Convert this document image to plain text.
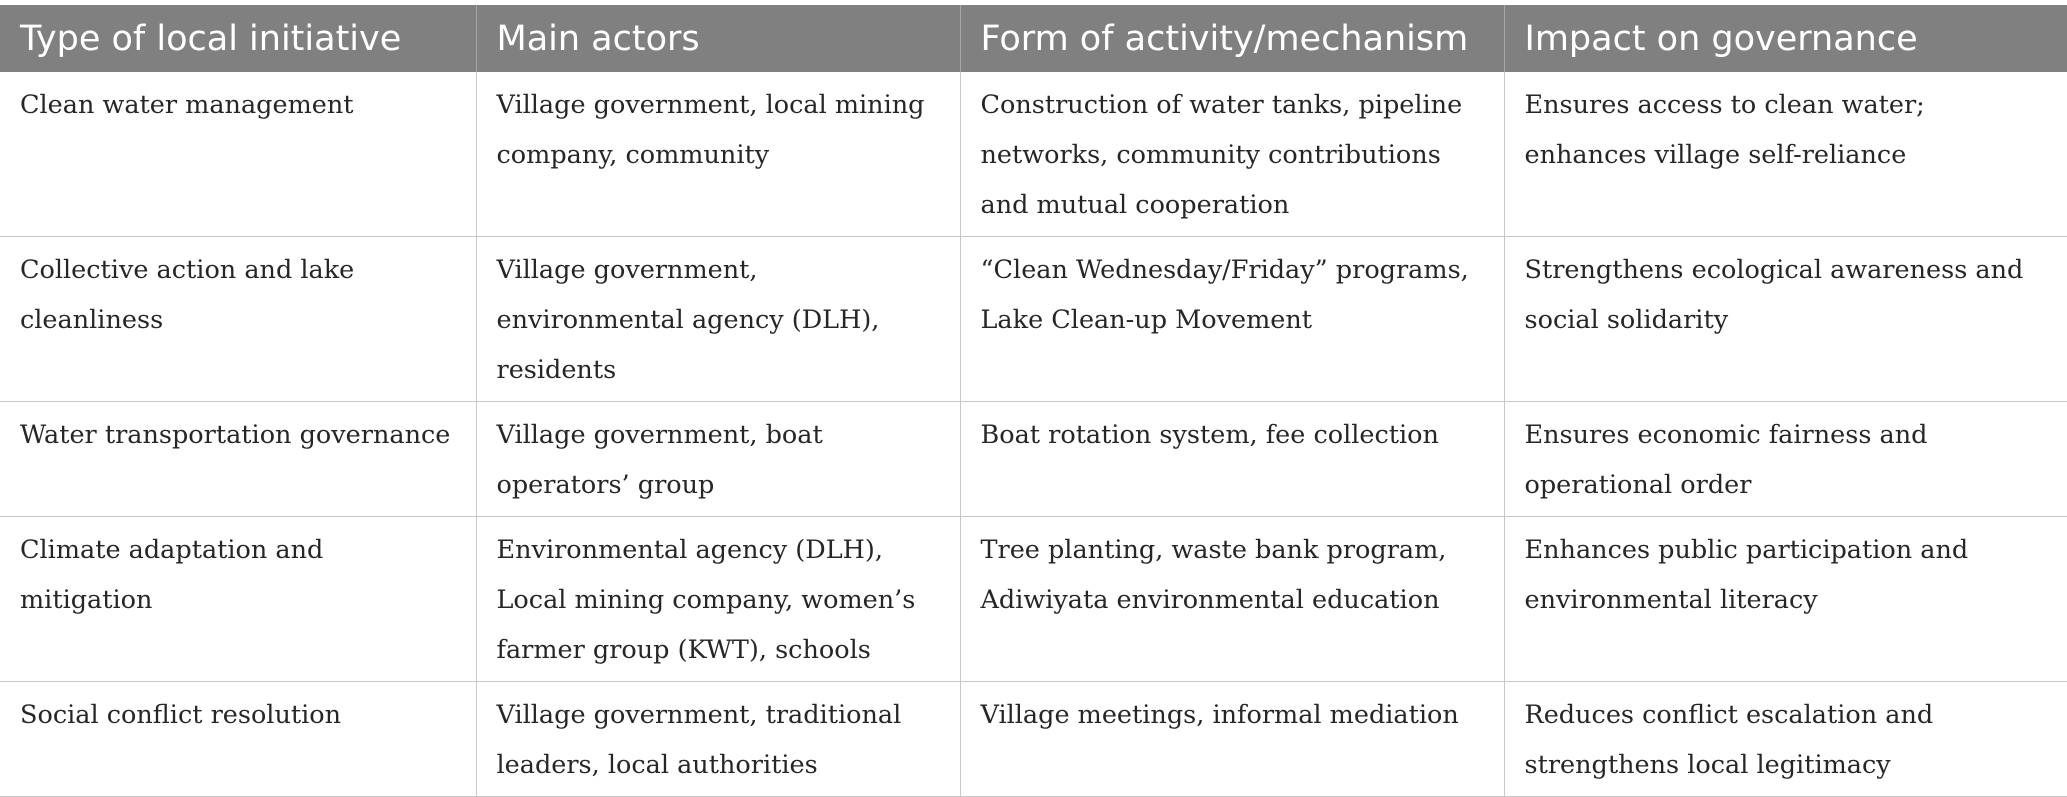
Type of local initiative	Main actors	Form of activity/mechanism	Impact on governance
Clean water management	Village government, local mining company, community	Construction of water tanks, pipeline networks, community contributions and mutual cooperation	Ensures access to clean water; enhances village self-reliance
Collective action and lake cleanliness	Village government, environmental agency (DLH), residents	“Clean Wednesday/Friday” programs, Lake Clean-up Movement	Strengthens ecological awareness and social solidarity
Water transportation governance	Village government, boat operators’ group	Boat rotation system, fee collection	Ensures economic fairness and operational order
Climate adaptation and mitigation	Environmental agency (DLH), Local mining company, women’s farmer group (KWT), schools	Tree planting, waste bank program, Adiwiyata environmental education	Enhances public participation and environmental literacy
Social conflict resolution	Village government, traditional leaders, local authorities	Village meetings, informal mediation	Reduces conflict escalation and strengthens local legitimacy
